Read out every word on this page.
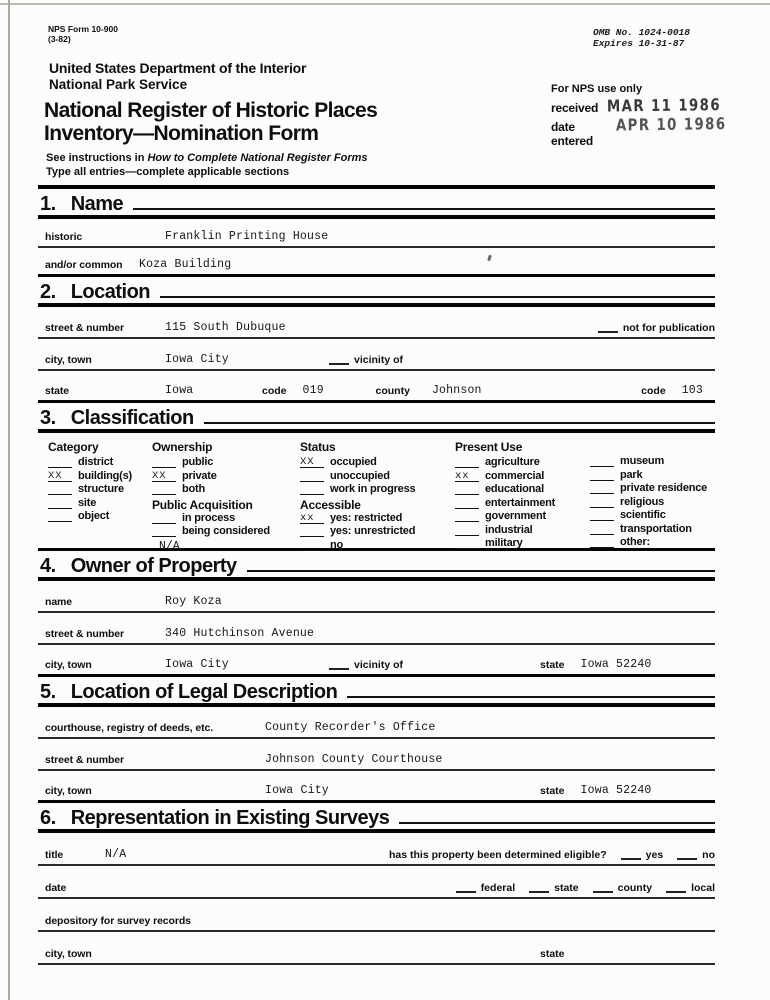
NPS Form 10-900
(3-82)
OMB No. 1024-0018
Expires 10-31-87
United States Department of the Interior
National Park Service	For NPS use only
received MAR 11 1986
date entered
APR 10 1986
National Register of Historic Places
Inventory—Nomination Form
See instructions in How to Complete National Register Forms
Type all entries—complete applicable sections
1. Name
historic	Franklin Printing House
and/or common	Koza Building
2. Location
street & number	115 South Dubuque	not for publication
city, town	Iowa City	vicinity of
state	Iowa	code 019	county Johnson	code 103
3. Classification
Category
district
XX	building(s)
structure
site
object
Ownership
public
XX	private
both
Public Acquisition
in process
being considered
N/A
Status
XX	occupied
unoccupied
work in progress
Accessible
xx	yes: restricted
yes: unrestricted
no
Present Use
agriculture
xx	commercial
educational
entertainment
government
industrial
military
museum
park
private residence
religious
scientific
transportation
other:
4. Owner of Property
name	Roy Koza
street & number	340 Hutchinson Avenue
city, town	Iowa City	vicinity of	state Iowa 52240
5. Location of Legal Description
courthouse, registry of deeds, etc.	County Recorder's Office
street & number	Johnson County Courthouse
city, town	Iowa City	state Iowa 52240
6. Representation in Existing Surveys
title	N/A	has this property been determined eligible?	yes	no
date	federal	state	county	local
depository for survey records
city, town	state
